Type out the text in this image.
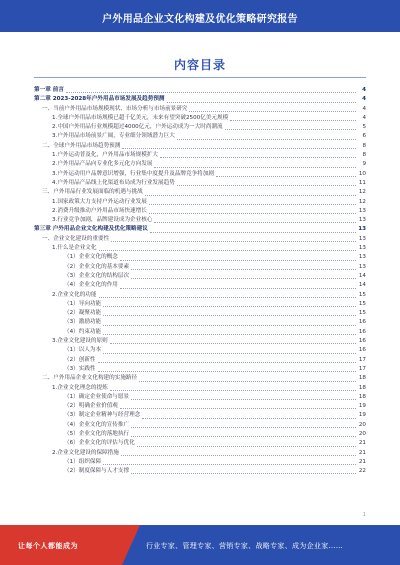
户外用品企业文化构建及优化策略研究报告
内容目录
第一章 前言	4
第二章 2023-2028年户外用品市场发展及趋势预测	4
一、当前户外用品市场规模现状、市场分析与市场前景研究	4
1.全球户外用品市场规模已超千亿美元，未来有望突破2500亿美元规模	4
2.中国户外用品行业规模超过4000亿元，户外运动成为一大时尚潮流	5
3.户外用品市场前景广阔，专业细分领域潜力巨大	6
二、全球户外用品市场趋势预测	8
1.户外运动普及化，户外用品市场规模扩大	8
2.户外用品产品向专业化多元化方向发展	9
3.户外运动用户品牌意识增强，行业集中度提升及品牌竞争将加剧	10
4.户外用品产品线上化渠道布局成为行业发展趋势	11
三、户外用品行业发展面临的机遇与挑战	12
1.国家政策大力支持户外运动行业发展	12
2.消费升级推动户外用品市场快速增长	13
3.行业竞争加剧，品牌建设成为企业核心	13
第三章 户外用品企业文化构建及优化策略建议	13
一、企业文化建设的重要性	13
1.什么是企业文化	13
（1）企业文化的概念	13
（2）企业文化的基本要素	13
（3）企业文化的结构层次	14
（4）企业文化的作用	14
2.企业文化的功能	15
（1）导向功能	15
（2）凝聚功能	15
（3）激励功能	16
（4）约束功能	16
3.企业文化建设的原则	16
（1）以人为本	16
（2）创新性	17
（3）实践性	17
二、户外用品企业文化构建的实施路径	18
1.企业文化理念的提炼	18
（1）确定企业使命与愿景	18
（2）明确企业价值观	19
（3）制定企业精神与经营理念	19
（4）企业文化的宣传推广	20
（5）企业文化的落地执行	20
（6）企业文化的评估与优化	21
2.企业文化建设的保障措施	21
（1）组织保障	21
（2）制度保障与人才支撑	22
1
让每个人都能成为	行业专家、管理专家、营销专家、战略专家、成为企业家……
